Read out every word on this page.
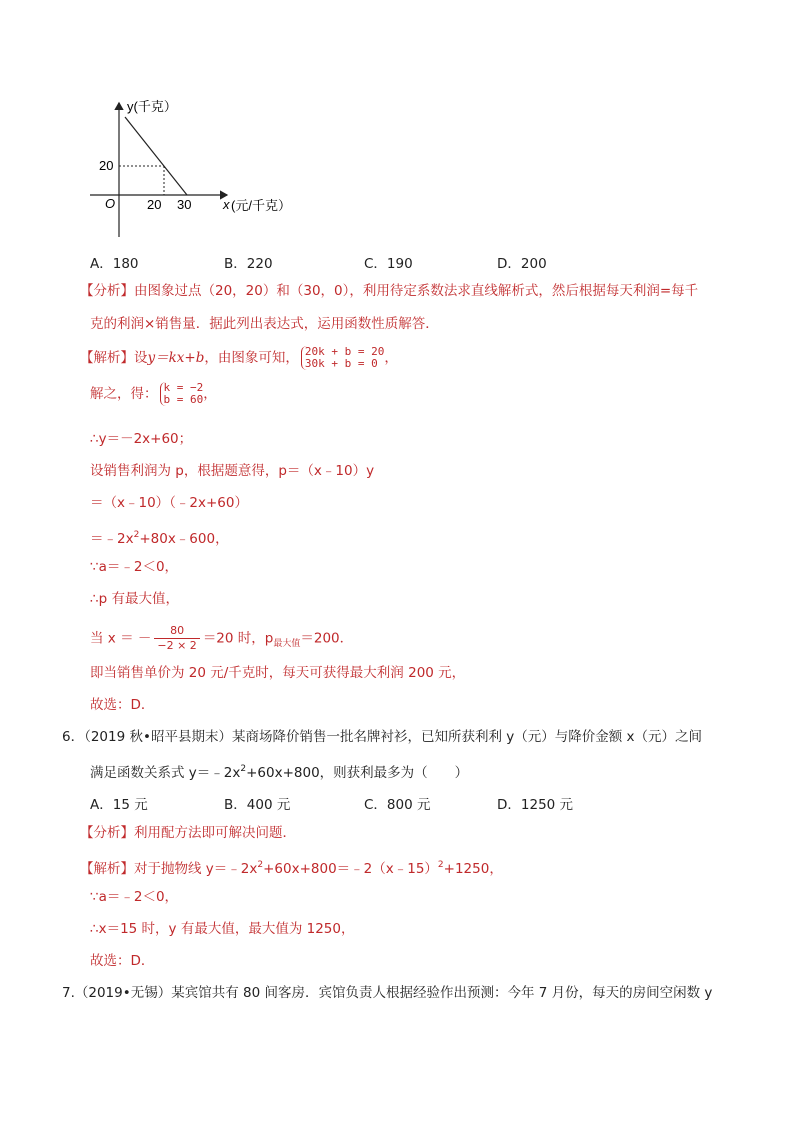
y(千克）
20
O 20 30 x (元/千克）
A．180	B．220	C．190	D．200
【分析】由图象过点（20，20）和（30，0），利用待定系数法求直线解析式，然后根据每天利润=每千
克的利润×销售量．据此列出表达式，运用函数性质解答．
【解析】设y＝kx+b，由图象可知， 20k + b = 20
30k + b = 0 ，
解之，得： k = −2
b = 60 ，
∴y＝－2x+60；
设销售利润为 p，根据题意得，p＝（x﹣10）y
＝（x﹣10）（﹣2x+60）
$=﹣2x^2+80x﹣600$，
∵a＝﹣2＜0，
∴p 有最大值，
当 x ＝ － $\frac{80}{-2 \times 2} =20$ 时，$p_{最大值}=200$．
即当销售单价为 20 元/千克时，每天可获得最大利润 200 元，
故选：D．
6．（2019 秋•昭平县期末）某商场降价销售一批名牌衬衫，已知所获利利 y（元）与降价金额 x（元）之间
满足函数关系式 $y=﹣2x^2+60x+800$，则获利最多为（　　）
A．15 元	B．400 元	C．800 元	D．1250 元
【分析】利用配方法即可解决问题．
【解析】对于抛物线 $y=﹣2x^2+60x+800=﹣2(x﹣15)^2+1250$，
∵a＝﹣2＜0，
∴x＝15 时，y 有最大值，最大值为 1250，
故选：D．
7.（2019•无锡）某宾馆共有 80 间客房．宾馆负责人根据经验作出预测：今年 7 月份，每天的房间空闲数 y
